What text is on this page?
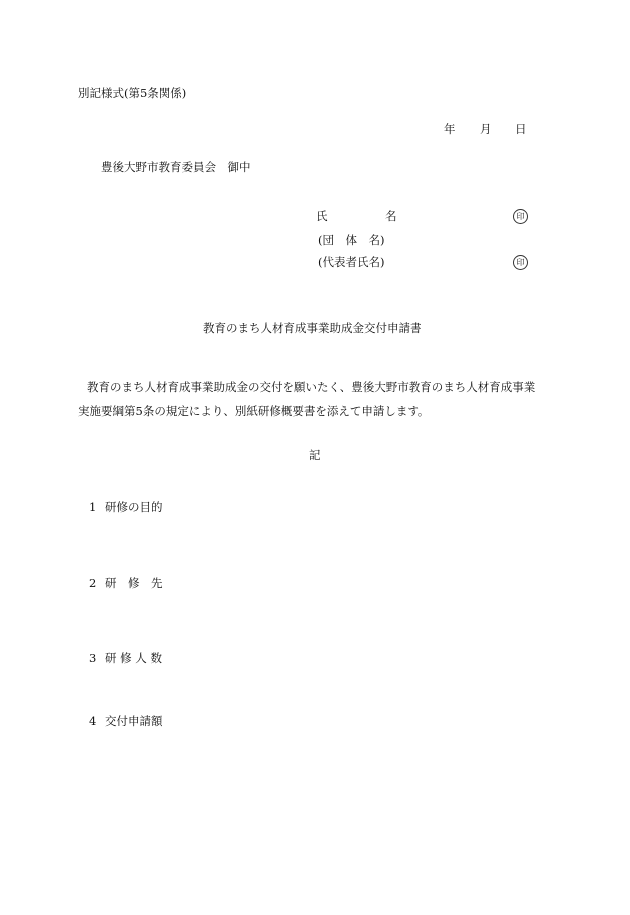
別記様式(第5条関係)
年 月 日
豊後大野市教育委員会　御中
氏	名	印
(団　体　名)
(代表者氏名)	印
教育のまち人材育成事業助成金交付申請書
教育のまち人材育成事業助成金の交付を願いたく、豊後大野市教育のまち人材育成事業
実施要綱第5条の規定により、別紙研修概要書を添えて申請します。
記
1 研修の目的
2 研　修　先
3 研 修 人 数
4 交付申請額
